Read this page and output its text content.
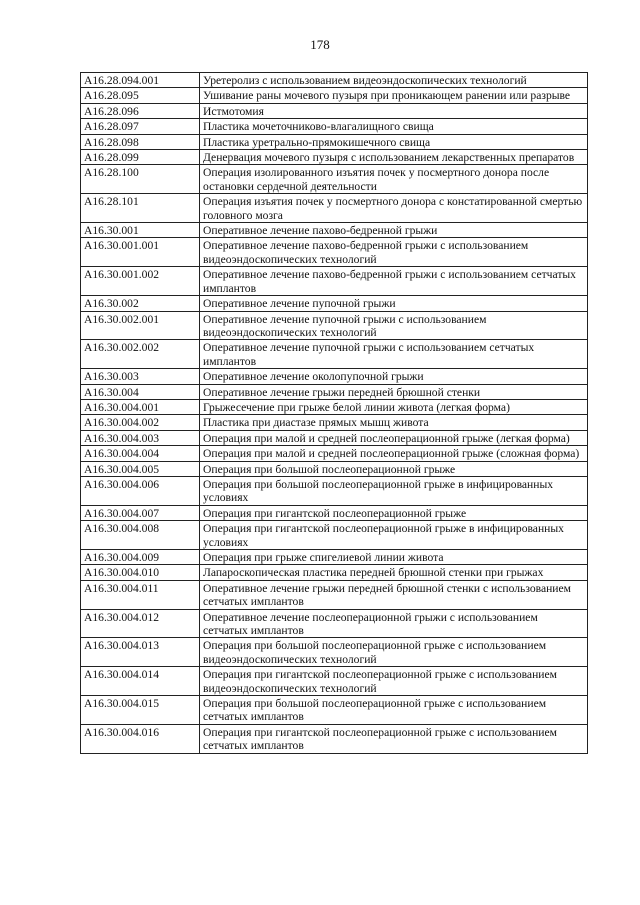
178
A16.28.094.001	Уретеролиз с использованием видеоэндоскопических технологий
A16.28.095	Ушивание раны мочевого пузыря при проникающем ранении или разрыве
A16.28.096	Истмотомия
A16.28.097	Пластика мочеточниково-влагалищного свища
A16.28.098	Пластика уретрально-прямокишечного свища
A16.28.099	Денервация мочевого пузыря с использованием лекарственных препаратов
A16.28.100	Операция изолированного изъятия почек у посмертного донора после остановки сердечной деятельности
A16.28.101	Операция изъятия почек у посмертного донора с констатированной смертью головного мозга
A16.30.001	Оперативное лечение пахово-бедренной грыжи
A16.30.001.001	Оперативное лечение пахово-бедренной грыжи с использованием видеоэндоскопических технологий
A16.30.001.002	Оперативное лечение пахово-бедренной грыжи с использованием сетчатых имплантов
A16.30.002	Оперативное лечение пупочной грыжи
A16.30.002.001	Оперативное лечение пупочной грыжи с использованием видеоэндоскопических технологий
A16.30.002.002	Оперативное лечение пупочной грыжи с использованием сетчатых имплантов
A16.30.003	Оперативное лечение околопупочной грыжи
A16.30.004	Оперативное лечение грыжи передней брюшной стенки
A16.30.004.001	Грыжесечение при грыже белой линии живота (легкая форма)
A16.30.004.002	Пластика при диастазе прямых мышц живота
A16.30.004.003	Операция при малой и средней послеоперационной грыже (легкая форма)
A16.30.004.004	Операция при малой и средней послеоперационной грыже (сложная форма)
A16.30.004.005	Операция при большой послеоперационной грыже
A16.30.004.006	Операция при большой послеоперационной грыже в инфицированных условиях
A16.30.004.007	Операция при гигантской послеоперационной грыже
A16.30.004.008	Операция при гигантской послеоперационной грыже в инфицированных условиях
A16.30.004.009	Операция при грыже спигелиевой линии живота
A16.30.004.010	Лапароскопическая пластика передней брюшной стенки при грыжах
A16.30.004.011	Оперативное лечение грыжи передней брюшной стенки с использованием сетчатых имплантов
A16.30.004.012	Оперативное лечение послеоперационной грыжи с использованием сетчатых имплантов
A16.30.004.013	Операция при большой послеоперационной грыже с использованием видеоэндоскопических технологий
A16.30.004.014	Операция при гигантской послеоперационной грыже с использованием видеоэндоскопических технологий
A16.30.004.015	Операция при большой послеоперационной грыже с использованием сетчатых имплантов
A16.30.004.016	Операция при гигантской послеоперационной грыже с использованием сетчатых имплантов
